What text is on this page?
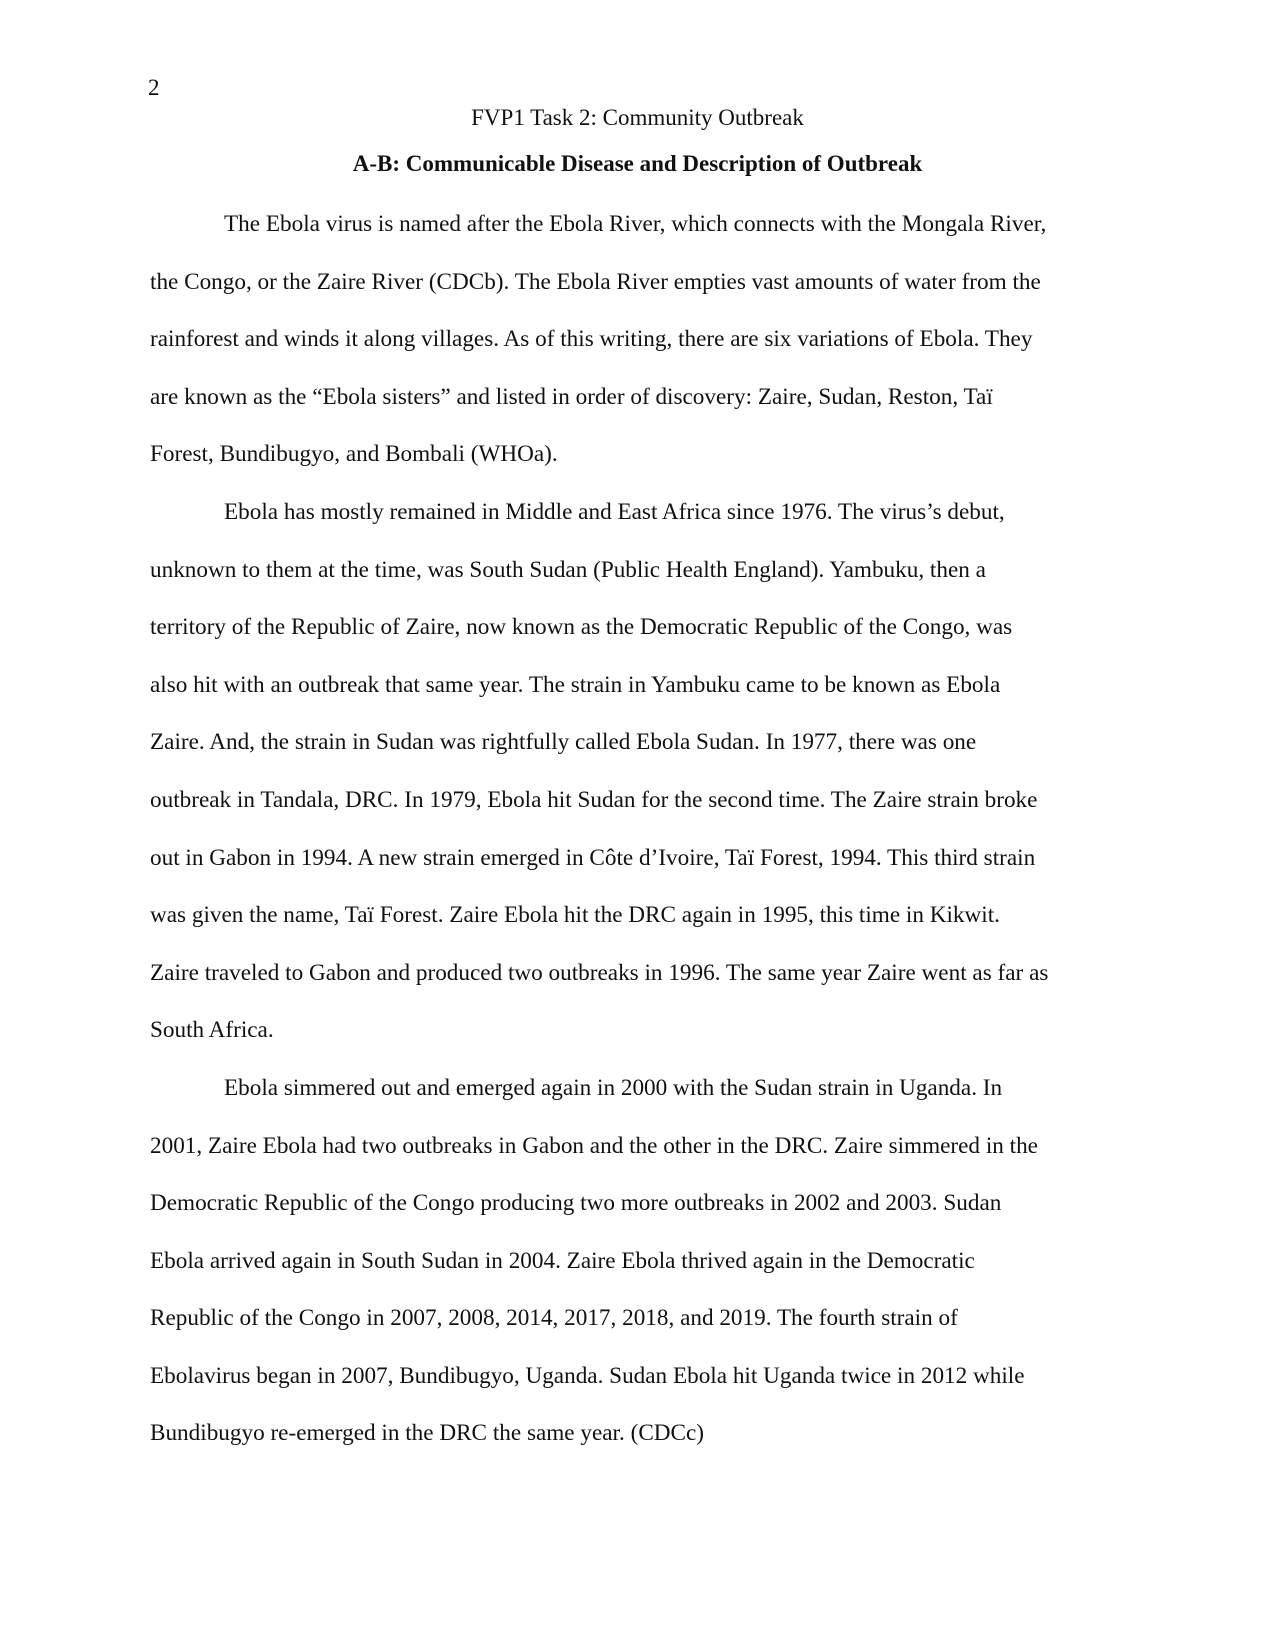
2
FVP1 Task 2: Community Outbreak
A-B: Communicable Disease and Description of Outbreak

The Ebola virus is named after the Ebola River, which connects with the Mongala River,
the Congo, or the Zaire River (CDCb). The Ebola River empties vast amounts of water from the
rainforest and winds it along villages. As of this writing, there are six variations of Ebola. They
are known as the “Ebola sisters” and listed in order of discovery: Zaire, Sudan, Reston, Taï
Forest, Bundibugyo, and Bombali (WHOa).

Ebola has mostly remained in Middle and East Africa since 1976. The virus’s debut,
unknown to them at the time, was South Sudan (Public Health England). Yambuku, then a
territory of the Republic of Zaire, now known as the Democratic Republic of the Congo, was
also hit with an outbreak that same year. The strain in Yambuku came to be known as Ebola
Zaire. And, the strain in Sudan was rightfully called Ebola Sudan. In 1977, there was one
outbreak in Tandala, DRC. In 1979, Ebola hit Sudan for the second time. The Zaire strain broke
out in Gabon in 1994. A new strain emerged in Côte d’Ivoire, Taï Forest, 1994. This third strain
was given the name, Taï Forest. Zaire Ebola hit the DRC again in 1995, this time in Kikwit.
Zaire traveled to Gabon and produced two outbreaks in 1996. The same year Zaire went as far as
South Africa.

Ebola simmered out and emerged again in 2000 with the Sudan strain in Uganda. In
2001, Zaire Ebola had two outbreaks in Gabon and the other in the DRC. Zaire simmered in the
Democratic Republic of the Congo producing two more outbreaks in 2002 and 2003. Sudan
Ebola arrived again in South Sudan in 2004. Zaire Ebola thrived again in the Democratic
Republic of the Congo in 2007, 2008, 2014, 2017, 2018, and 2019. The fourth strain of
Ebolavirus began in 2007, Bundibugyo, Uganda. Sudan Ebola hit Uganda twice in 2012 while
Bundibugyo re-emerged in the DRC the same year. (CDCc)
